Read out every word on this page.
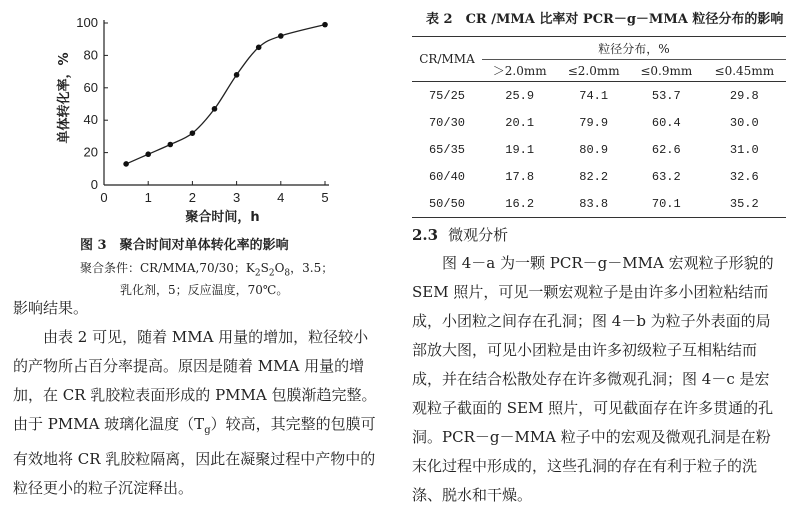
0
20
40
60
80
100
0	1	2	3	4	5
聚合时间，h
单体转化率，%
图 3　聚合时间对单体转化率的影响
聚合条件：CR/MMA,70/30；$K_2S_2O_8$，3.5；
乳化剂，5；反应温度，70℃。
影响结果。
由表 2 可见，随着 MMA 用量的增加，粒径较小的产物所占百分率提高。原因是随着 MMA 用量的增加，在 CR 乳胶粒表面形成的 PMMA 包膜渐趋完整。由于 PMMA 玻璃化温度$(T_g)$较高，其完整的包膜可有效地将 CR 乳胶粒隔离，因此在凝聚过程中产物中的粒径更小的粒子沉淀释出。
表 2　CR /MMA 比率对 PCR－g－MMA 粒径分布的影响
CR/MMA	粒径分布，%			
	＞2.0mm	≤2.0mm	≤0.9mm	≤0.45mm
75/25	25.9	74.1	53.7	29.8
70/30	20.1	79.9	60.4	30.0
65/35	19.1	80.9	62.6	31.0
60/40	17.8	82.2	63.2	32.6
50/50	16.2	83.8	70.1	35.2
2.3 微观分析
图 4－a 为一颗 PCR－g－MMA 宏观粒子形貌的 SEM 照片，可见一颗宏观粒子是由许多小团粒粘结而成，小团粒之间存在孔洞；图 4－b 为粒子外表面的局部放大图，可见小团粒是由许多初级粒子互相粘结而成，并在结合松散处存在许多微观孔洞；图 4－c 是宏观粒子截面的 SEM 照片，可见截面存在许多贯通的孔洞。PCR－g－MMA 粒子中的宏观及微观孔洞是在粉末化过程中形成的，这些孔洞的存在有利于粒子的洗涤、脱水和干燥。
